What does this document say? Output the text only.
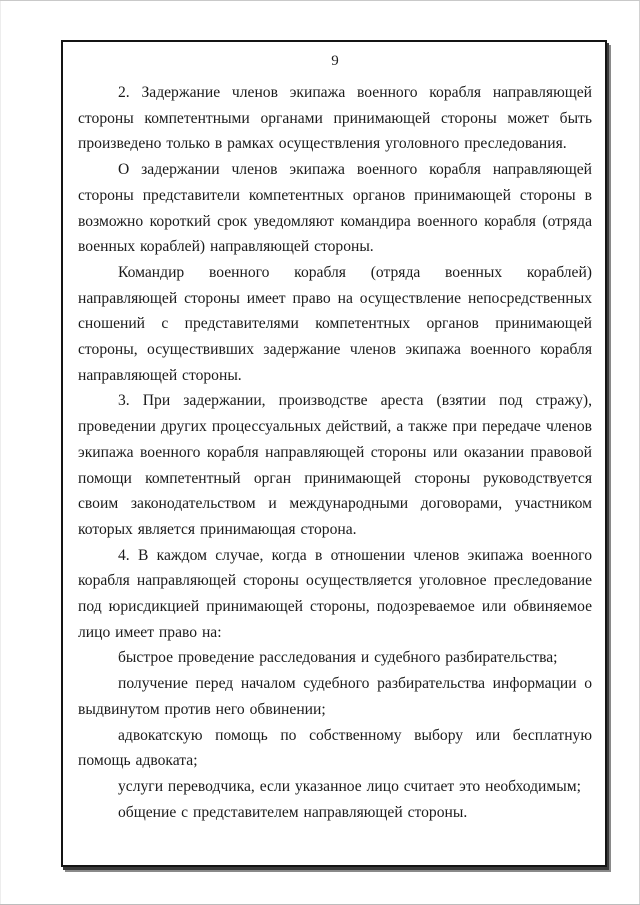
9

2. Задержание членов экипажа военного корабля направляющей стороны компетентными органами принимающей стороны может быть произведено только в рамках осуществления уголовного преследования.

О задержании членов экипажа военного корабля направляющей стороны представители компетентных органов принимающей стороны в возможно короткий срок уведомляют командира военного корабля (отряда военных кораблей) направляющей стороны.

Командир военного корабля (отряда военных кораблей) направляющей стороны имеет право на осуществление непосредственных сношений с представителями компетентных органов принимающей стороны, осуществивших задержание членов экипажа военного корабля направляющей стороны.

3. При задержании, производстве ареста (взятии под стражу), проведении других процессуальных действий, а также при передаче членов экипажа военного корабля направляющей стороны или оказании правовой помощи компетентный орган принимающей стороны руководствуется своим законодательством и международными договорами, участником которых является принимающая сторона.

4. В каждом случае, когда в отношении членов экипажа военного корабля направляющей стороны осуществляется уголовное преследование под юрисдикцией принимающей стороны, подозреваемое или обвиняемое лицо имеет право на:

быстрое проведение расследования и судебного разбирательства;

получение перед началом судебного разбирательства информации о выдвинутом против него обвинении;

адвокатскую помощь по собственному выбору или бесплатную помощь адвоката;

услуги переводчика, если указанное лицо считает это необходимым;

общение с представителем направляющей стороны.
